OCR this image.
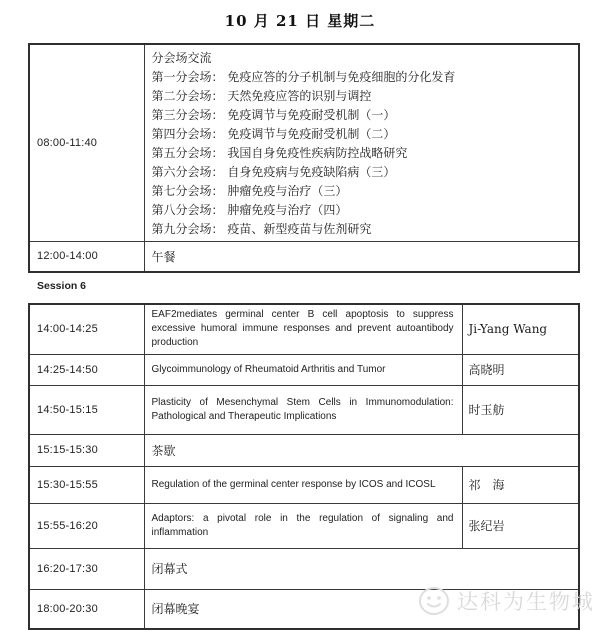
10 月 21 日 星期二
08:00-11:40	
分会场交流
第一分会场： 免疫应答的分子机制与免疫细胞的分化发育
第二分会场： 天然免疫应答的识别与调控
第三分会场： 免疫调节与免疫耐受机制（一）
第四分会场： 免疫调节与免疫耐受机制（二）
第五分会场： 我国自身免疫性疾病防控战略研究
第六分会场： 自身免疫病与免疫缺陷病（三）
第七分会场： 肿瘤免疫与治疗（三）
第八分会场： 肿瘤免疫与治疗（四）
第九分会场： 疫苗、新型疫苗与佐剂研究

12:00-14:00	午餐
Session 6
14:00-14:25	EAF2mediates germinal center B cell apoptosis to suppress excessive humoral immune responses and prevent autoantibody production	Ji-Yang Wang
14:25-14:50	Glycoimmunology of Rheumatoid Arthritis and Tumor	高晓明
14:50-15:15	Plasticity of Mesenchymal Stem Cells in Immunomodulation: Pathological and Therapeutic Implications	时玉舫
15:15-15:30	茶歇	
15:30-15:55	Regulation of the germinal center response by ICOS and ICOSL	祁　海
15:55-16:20	Adaptors: a pivotal role in the regulation of signaling and inflammation	张纪岩
16:20-17:30	闭幕式	
18:00-20:30	闭幕晚宴		达科为生物城
